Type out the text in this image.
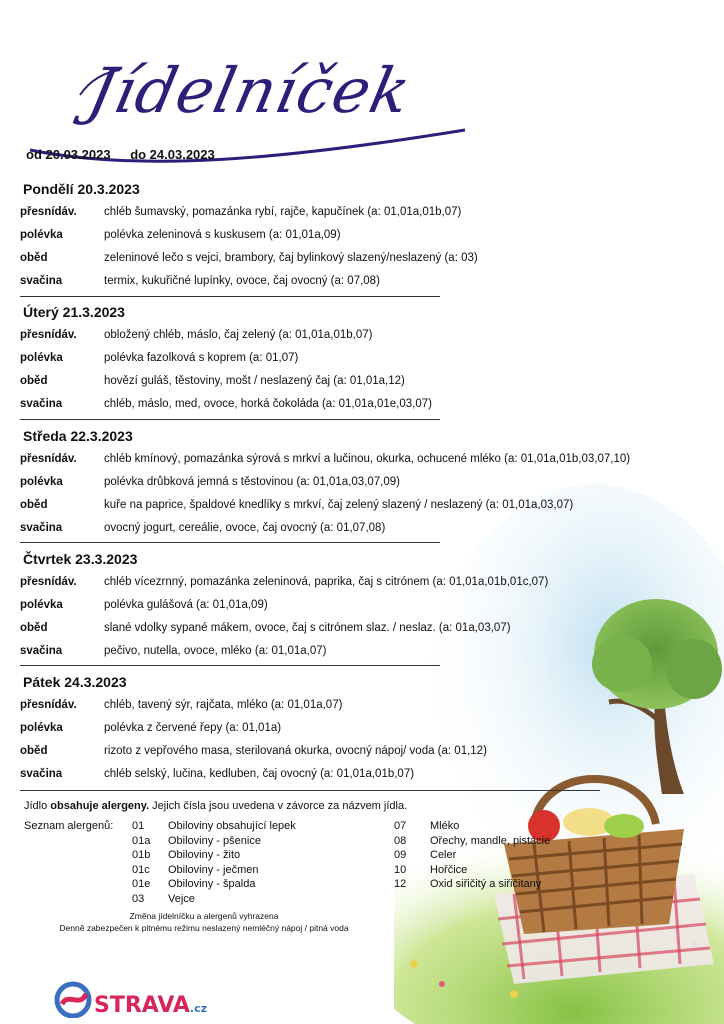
Jídelníček
od 20.03.2023 do 24.03.2023
Pondělí 20.3.2023
přesnídáv.	chléb šumavský, pomazánka rybí, rajče, kapučínek (a: 01,01a,01b,07)
polévka	polévka zeleninová s kuskusem (a: 01,01a,09)
oběd	zeleninové lečo s vejci, brambory, čaj bylinkový slazený/neslazený (a: 03)
svačina	termix, kukuřičné lupínky, ovoce, čaj ovocný (a: 07,08)
Úterý 21.3.2023
přesnídáv.	obložený chléb, máslo, čaj zelený (a: 01,01a,01b,07)
polévka	polévka fazolková s koprem (a: 01,07)
oběd	hovězí guláš, těstoviny, mošt / neslazený čaj (a: 01,01a,12)
svačina	chléb, máslo, med, ovoce, horká čokoláda (a: 01,01a,01e,03,07)
Středa 22.3.2023
přesnídáv.	chléb kmínový, pomazánka sýrová s mrkví a lučinou, okurka, ochucené mléko (a: 01,01a,01b,03,07,10)
polévka	polévka drůbková jemná s těstovinou (a: 01,01a,03,07,09)
oběd	kuře na paprice, špaldové knedlíky s mrkví, čaj zelený slazený / neslazený (a: 01,01a,03,07)
svačina	ovocný jogurt, cereálie, ovoce, čaj ovocný (a: 01,07,08)
Čtvrtek 23.3.2023
přesnídáv.	chléb vícezrnný, pomazánka zeleninová, paprika, čaj s citrónem (a: 01,01a,01b,01c,07)
polévka	polévka gulášová (a: 01,01a,09)
oběd	slané vdolky sypané mákem, ovoce, čaj s citrónem slaz. / neslaz. (a: 01a,03,07)
svačina	pečivo, nutella, ovoce, mléko (a: 01,01a,07)
Pátek 24.3.2023
přesnídáv.	chléb, tavený sýr, rajčata, mléko (a: 01,01a,07)
polévka	polévka z červené řepy (a: 01,01a)
oběd	rizoto z vepřového masa, sterilovaná okurka, ovocný nápoj/ voda (a: 01,12)
svačina	chléb selský, lučina, kedluben, čaj ovocný (a: 01,01a,01b,07)
Jídlo obsahuje alergeny. Jejich čísla jsou uvedena v závorce za názvem jídla.
Seznam alergenů: 01 Obiloviny obsahující lepek
01a Obiloviny - pšenice
01b Obiloviny - žito
01c Obiloviny - ječmen
01e Obiloviny - špalda
03 Vejce
07 Mléko
08 Ořechy, mandle, pistácie
09 Celer
10 Hořčice
12 Oxid siřičitý a siřičitany
Změna jídelníčku a alergenů vyhrazena
Denně zabezpečen k pitnému režimu neslazený nemléčný nápoj / pitná voda
STRAVA.cz
